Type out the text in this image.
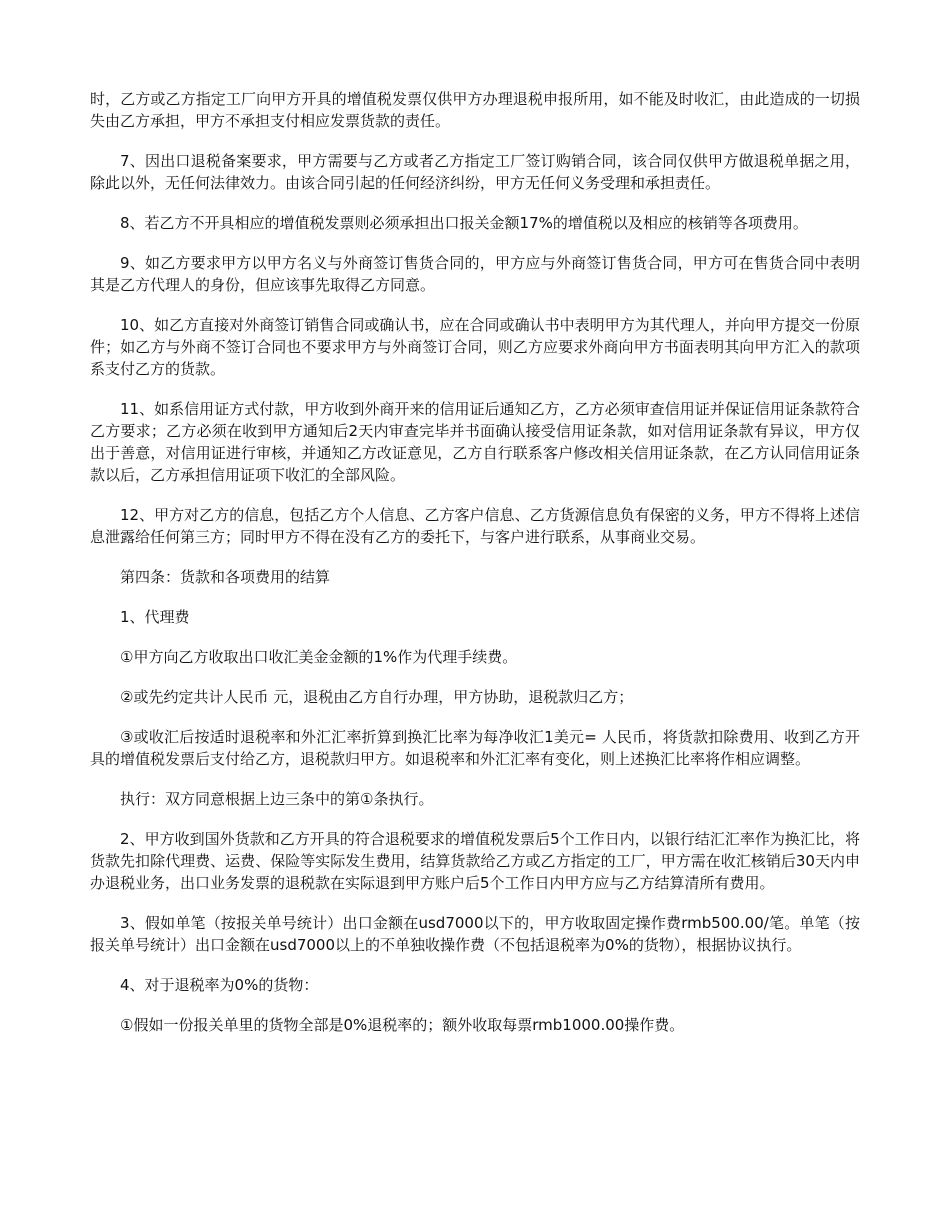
时，乙方或乙方指定工厂向甲方开具的增值税发票仅供甲方办理退税申报所用，如不能及时收汇，由此造成的一切损失由乙方承担，甲方不承担支付相应发票货款的责任。

7、因出口退税备案要求，甲方需要与乙方或者乙方指定工厂签订购销合同，该合同仅供甲方做退税单据之用，除此以外，无任何法律效力。由该合同引起的任何经济纠纷，甲方无任何义务受理和承担责任。

8、若乙方不开具相应的增值税发票则必须承担出口报关金额17%的增值税以及相应的核销等各项费用。

9、如乙方要求甲方以甲方名义与外商签订售货合同的，甲方应与外商签订售货合同，甲方可在售货合同中表明其是乙方代理人的身份，但应该事先取得乙方同意。

10、如乙方直接对外商签订销售合同或确认书，应在合同或确认书中表明甲方为其代理人，并向甲方提交一份原件；如乙方与外商不签订合同也不要求甲方与外商签订合同，则乙方应要求外商向甲方书面表明其向甲方汇入的款项系支付乙方的货款。

11、如系信用证方式付款，甲方收到外商开来的信用证后通知乙方，乙方必须审查信用证并保证信用证条款符合乙方要求；乙方必须在收到甲方通知后2天内审查完毕并书面确认接受信用证条款，如对信用证条款有异议，甲方仅出于善意，对信用证进行审核，并通知乙方改证意见，乙方自行联系客户修改相关信用证条款，在乙方认同信用证条款以后，乙方承担信用证项下收汇的全部风险。

12、甲方对乙方的信息，包括乙方个人信息、乙方客户信息、乙方货源信息负有保密的义务，甲方不得将上述信息泄露给任何第三方；同时甲方不得在没有乙方的委托下，与客户进行联系，从事商业交易。

第四条：货款和各项费用的结算

1、代理费

①甲方向乙方收取出口收汇美金金额的1%作为代理手续费。

②或先约定共计人民币 元，退税由乙方自行办理，甲方协助，退税款归乙方；

③或收汇后按适时退税率和外汇汇率折算到换汇比率为每净收汇1美元= 人民币，将货款扣除费用、收到乙方开具的增值税发票后支付给乙方，退税款归甲方。如退税率和外汇汇率有变化，则上述换汇比率将作相应调整。

执行：双方同意根据上边三条中的第①条执行。

2、甲方收到国外货款和乙方开具的符合退税要求的增值税发票后5个工作日内，以银行结汇汇率作为换汇比，将货款先扣除代理费、运费、保险等实际发生费用，结算货款给乙方或乙方指定的工厂，甲方需在收汇核销后30天内申办退税业务，出口业务发票的退税款在实际退到甲方账户后5个工作日内甲方应与乙方结算清所有费用。

3、假如单笔（按报关单号统计）出口金额在usd7000以下的，甲方收取固定操作费rmb500.00/笔。单笔（按报关单号统计）出口金额在usd7000以上的不单独收操作费（不包括退税率为0%的货物），根据协议执行。

4、对于退税率为0%的货物：

①假如一份报关单里的货物全部是0%退税率的；额外收取每票rmb1000.00操作费。
